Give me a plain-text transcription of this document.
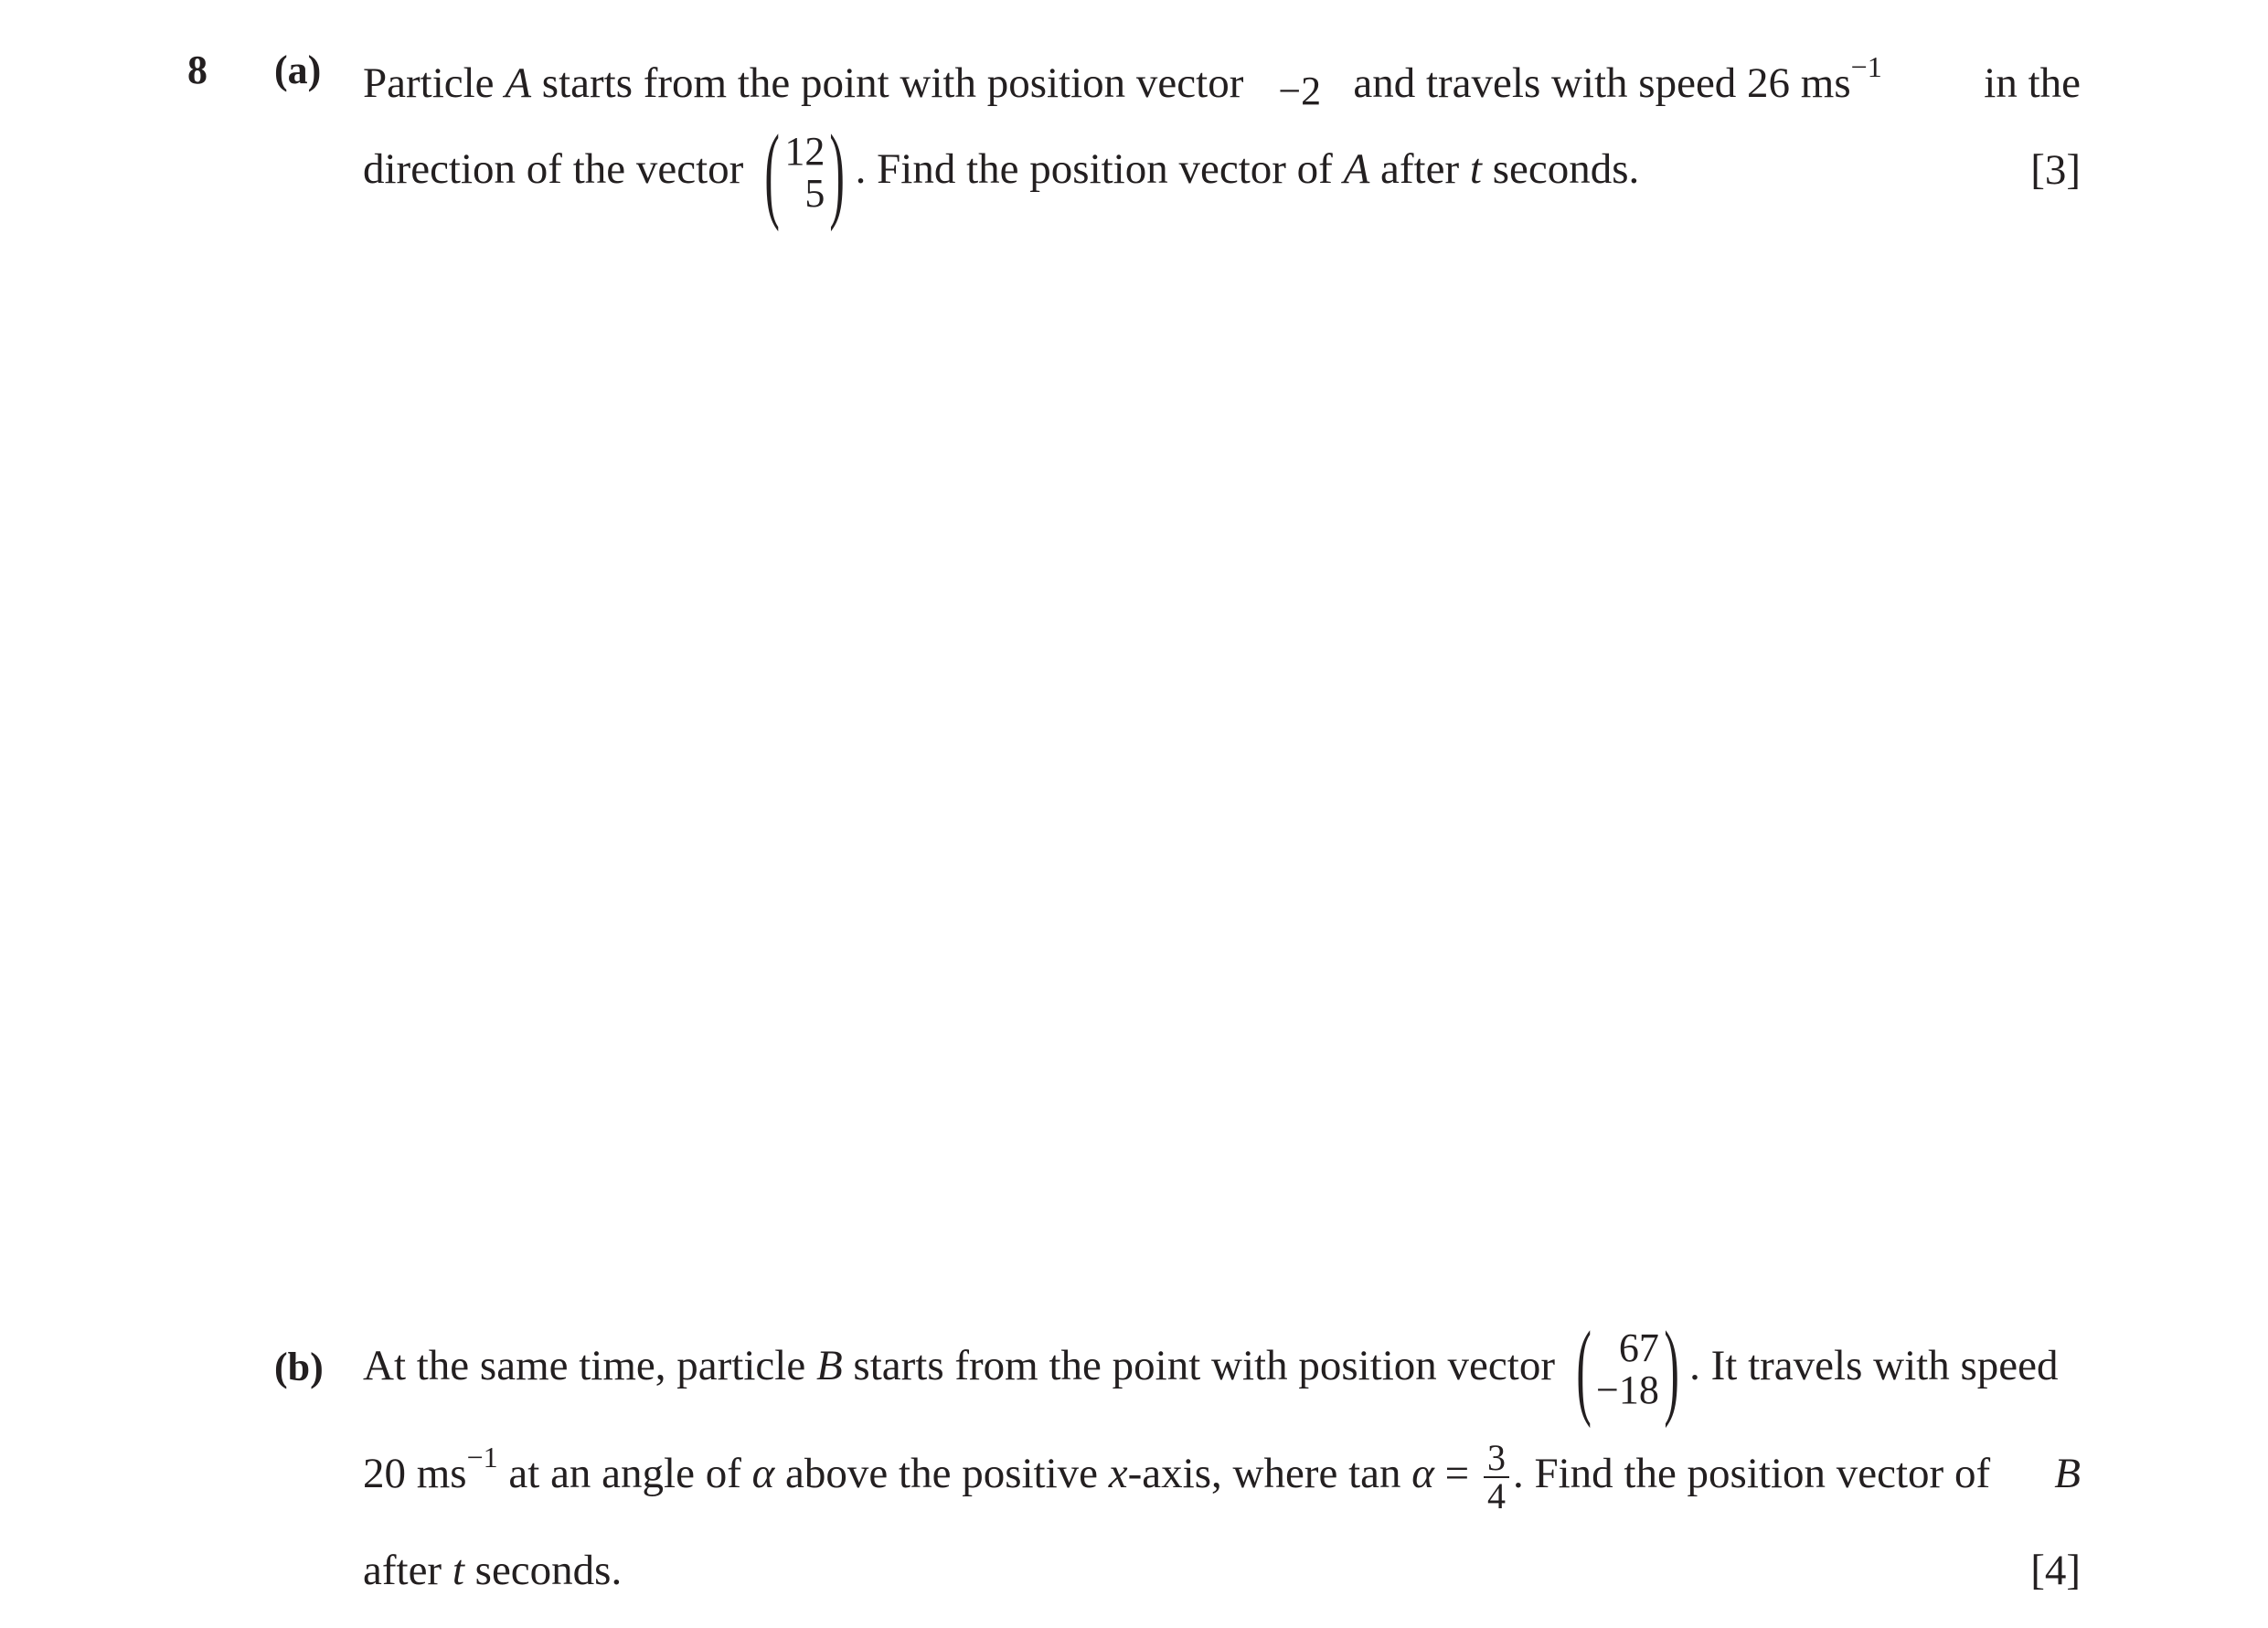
8 (a) Particle A starts from the point with position vector −2 and travels with speed 26 $ms^{-1}$ in the
direction of the vector ( 12
5 ) . Find the position vector of A after t seconds.	[3]
(b) At the same time, particle B starts from the point with position vector ( 67
−18 ) . It travels with speed
20 $ms^{-1}$ at an angle of α above the positive x-axis, where $\tan \alpha = \frac{3}{4}$ . Find the position vector of B
after t seconds.	[4]
